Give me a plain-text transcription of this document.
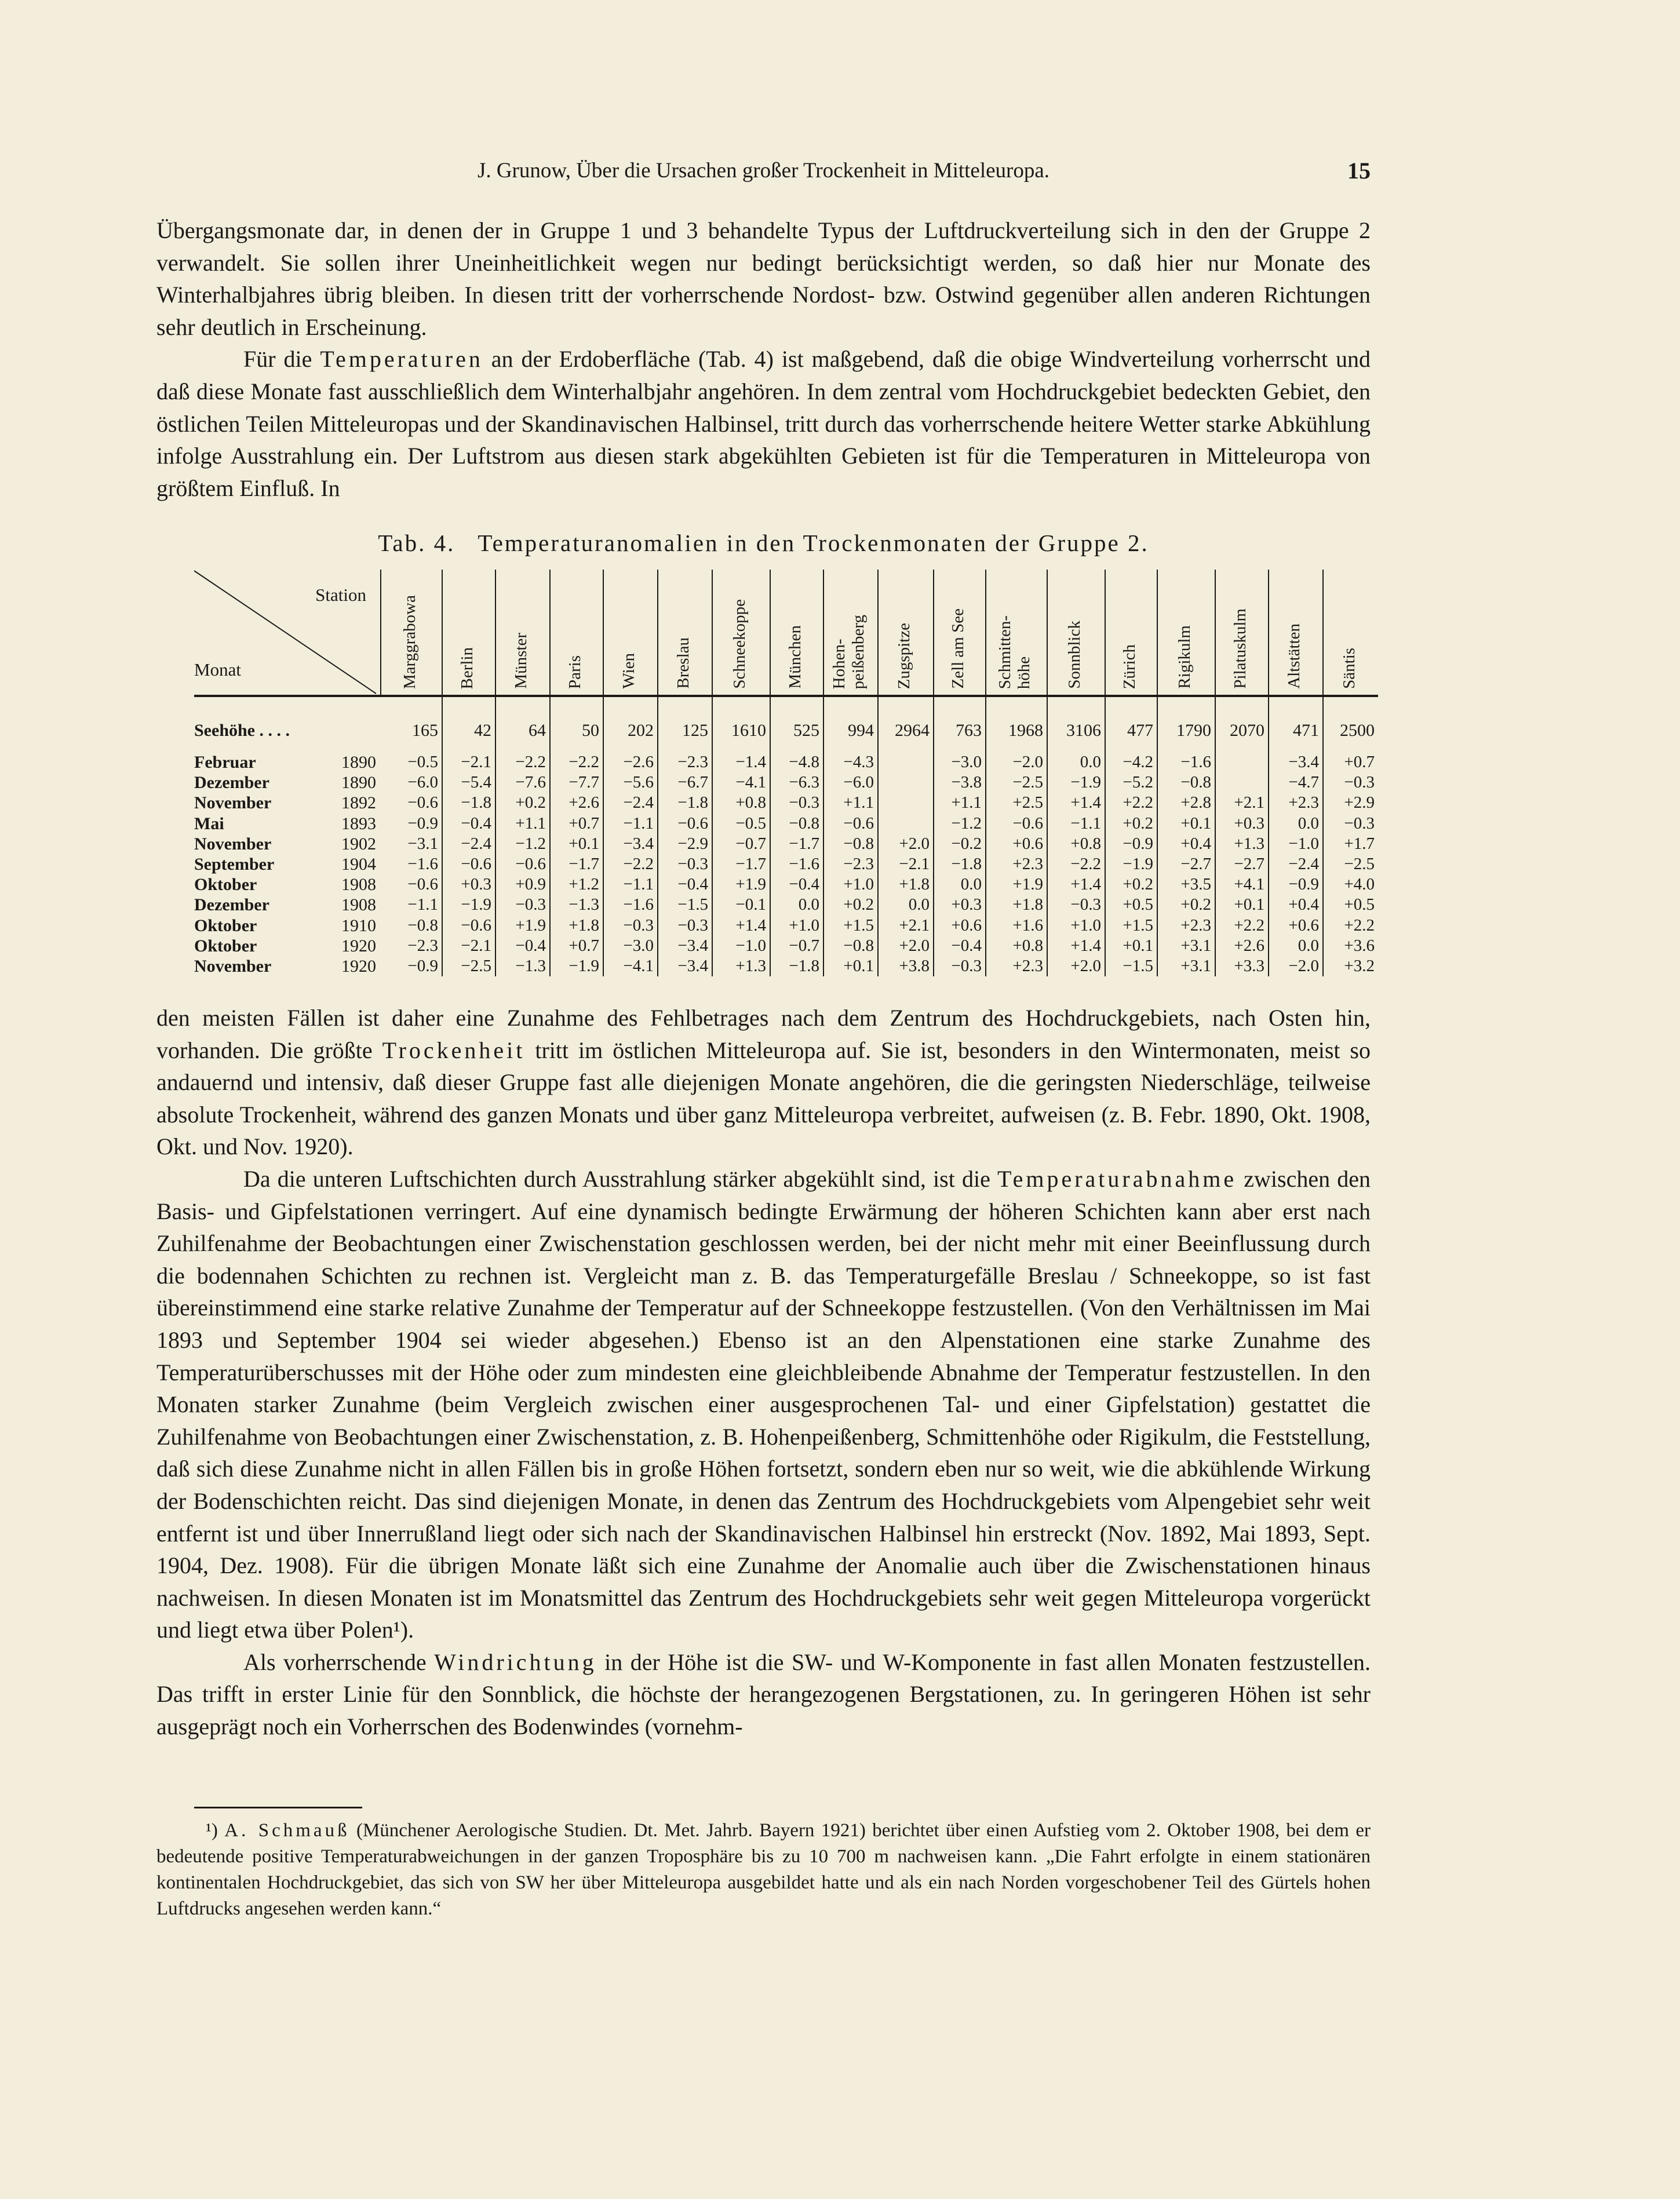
J. Grunow, Über die Ursachen großer Trockenheit in Mitteleuropa.	15

Übergangsmonate dar, in denen der in Gruppe 1 und 3 behandelte Typus der Luftdruckverteilung sich in den der Gruppe 2 verwandelt. Sie sollen ihrer Uneinheitlichkeit wegen nur bedingt berücksichtigt werden, so daß hier nur Monate des Winterhalbjahres übrig bleiben. In diesen tritt der vorherrschende Nordost- bzw. Ostwind gegenüber allen anderen Richtungen sehr deutlich in Erscheinung.

Für die Temperaturen an der Erdoberfläche (Tab. 4) ist maßgebend, daß die obige Windverteilung vorherrscht und daß diese Monate fast ausschließlich dem Winterhalbjahr angehören. In dem zentral vom Hochdruckgebiet bedeckten Gebiet, den östlichen Teilen Mitteleuropas und der Skandinavischen Halbinsel, tritt durch das vorherrschende heitere Wetter starke Abkühlung infolge Ausstrahlung ein. Der Luftstrom aus diesen stark abgekühlten Gebieten ist für die Temperaturen in Mitteleuropa von größtem Einfluß. In

Tab. 4. Temperaturanomalien in den Trockenmonaten der Gruppe 2.
Station
Monat		Marggrabowa	Berlin	Münster	Paris	Wien	Breslau	Schneekoppe	München	Hohen-
peißenberg	Zugspitze	Zell am See	Schmitten-
höhe	Sonnblick	Zürich	Rigikulm	Pilatuskulm	Altstätten	Säntis

Seehöhe . . . .		165	42	64	50	202	125	1610	525	994	2964	763	1968	3106	477	1790	2070	471	2500
Februar	1890	−0.5	−2.1	−2.2	−2.2	−2.6	−2.3	−1.4	−4.8	−4.3		−3.0	−2.0	0.0	−4.2	−1.6		−3.4	+0.7
Dezember	1890	−6.0	−5.4	−7.6	−7.7	−5.6	−6.7	−4.1	−6.3	−6.0		−3.8	−2.5	−1.9	−5.2	−0.8		−4.7	−0.3
November	1892	−0.6	−1.8	+0.2	+2.6	−2.4	−1.8	+0.8	−0.3	+1.1		+1.1	+2.5	+1.4	+2.2	+2.8	+2.1	+2.3	+2.9
Mai	1893	−0.9	−0.4	+1.1	+0.7	−1.1	−0.6	−0.5	−0.8	−0.6		−1.2	−0.6	−1.1	+0.2	+0.1	+0.3	0.0	−0.3
November	1902	−3.1	−2.4	−1.2	+0.1	−3.4	−2.9	−0.7	−1.7	−0.8	+2.0	−0.2	+0.6	+0.8	−0.9	+0.4	+1.3	−1.0	+1.7
September	1904	−1.6	−0.6	−0.6	−1.7	−2.2	−0.3	−1.7	−1.6	−2.3	−2.1	−1.8	+2.3	−2.2	−1.9	−2.7	−2.7	−2.4	−2.5
Oktober	1908	−0.6	+0.3	+0.9	+1.2	−1.1	−0.4	+1.9	−0.4	+1.0	+1.8	0.0	+1.9	+1.4	+0.2	+3.5	+4.1	−0.9	+4.0
Dezember	1908	−1.1	−1.9	−0.3	−1.3	−1.6	−1.5	−0.1	0.0	+0.2	0.0	+0.3	+1.8	−0.3	+0.5	+0.2	+0.1	+0.4	+0.5
Oktober	1910	−0.8	−0.6	+1.9	+1.8	−0.3	−0.3	+1.4	+1.0	+1.5	+2.1	+0.6	+1.6	+1.0	+1.5	+2.3	+2.2	+0.6	+2.2
Oktober	1920	−2.3	−2.1	−0.4	+0.7	−3.0	−3.4	−1.0	−0.7	−0.8	+2.0	−0.4	+0.8	+1.4	+0.1	+3.1	+2.6	0.0	+3.6
November	1920	−0.9	−2.5	−1.3	−1.9	−4.1	−3.4	+1.3	−1.8	+0.1	+3.8	−0.3	+2.3	+2.0	−1.5	+3.1	+3.3	−2.0	+3.2

den meisten Fällen ist daher eine Zunahme des Fehlbetrages nach dem Zentrum des Hochdruckgebiets, nach Osten hin, vorhanden. Die größte Trockenheit tritt im östlichen Mitteleuropa auf. Sie ist, besonders in den Wintermonaten, meist so andauernd und intensiv, daß dieser Gruppe fast alle diejenigen Monate angehören, die die geringsten Niederschläge, teilweise absolute Trockenheit, während des ganzen Monats und über ganz Mitteleuropa verbreitet, aufweisen (z. B. Febr. 1890, Okt. 1908, Okt. und Nov. 1920).

Da die unteren Luftschichten durch Ausstrahlung stärker abgekühlt sind, ist die Temperaturabnahme zwischen den Basis- und Gipfelstationen verringert. Auf eine dynamisch bedingte Erwärmung der höheren Schichten kann aber erst nach Zuhilfenahme der Beobachtungen einer Zwischenstation geschlossen werden, bei der nicht mehr mit einer Beeinflussung durch die bodennahen Schichten zu rechnen ist. Vergleicht man z. B. das Temperaturgefälle Breslau / Schneekoppe, so ist fast übereinstimmend eine starke relative Zunahme der Temperatur auf der Schneekoppe festzustellen. (Von den Verhältnissen im Mai 1893 und September 1904 sei wieder abgesehen.) Ebenso ist an den Alpenstationen eine starke Zunahme des Temperaturüberschusses mit der Höhe oder zum mindesten eine gleichbleibende Abnahme der Temperatur festzustellen. In den Monaten starker Zunahme (beim Vergleich zwischen einer ausgesprochenen Tal- und einer Gipfelstation) gestattet die Zuhilfenahme von Beobachtungen einer Zwischenstation, z. B. Hohenpeißenberg, Schmittenhöhe oder Rigikulm, die Feststellung, daß sich diese Zunahme nicht in allen Fällen bis in große Höhen fortsetzt, sondern eben nur so weit, wie die abkühlende Wirkung der Bodenschichten reicht. Das sind diejenigen Monate, in denen das Zentrum des Hochdruckgebiets vom Alpengebiet sehr weit entfernt ist und über Innerrußland liegt oder sich nach der Skandinavischen Halbinsel hin erstreckt (Nov. 1892, Mai 1893, Sept. 1904, Dez. 1908). Für die übrigen Monate läßt sich eine Zunahme der Anomalie auch über die Zwischenstationen hinaus nachweisen. In diesen Monaten ist im Monatsmittel das Zentrum des Hochdruckgebiets sehr weit gegen Mitteleuropa vorgerückt und liegt etwa über Polen¹).

Als vorherrschende Windrichtung in der Höhe ist die SW- und W-Komponente in fast allen Monaten festzustellen. Das trifft in erster Linie für den Sonnblick, die höchste der herangezogenen Bergstationen, zu. In geringeren Höhen ist sehr ausgeprägt noch ein Vorherrschen des Bodenwindes (vornehm-

¹) A. Schmauß (Münchener Aerologische Studien. Dt. Met. Jahrb. Bayern 1921) berichtet über einen Aufstieg vom 2. Oktober 1908, bei dem er bedeutende positive Temperaturabweichungen in der ganzen Troposphäre bis zu 10 700 m nachweisen kann. „Die Fahrt erfolgte in einem stationären kontinentalen Hochdruckgebiet, das sich von SW her über Mitteleuropa ausgebildet hatte und als ein nach Norden vorgeschobener Teil des Gürtels hohen Luftdrucks angesehen werden kann.“
